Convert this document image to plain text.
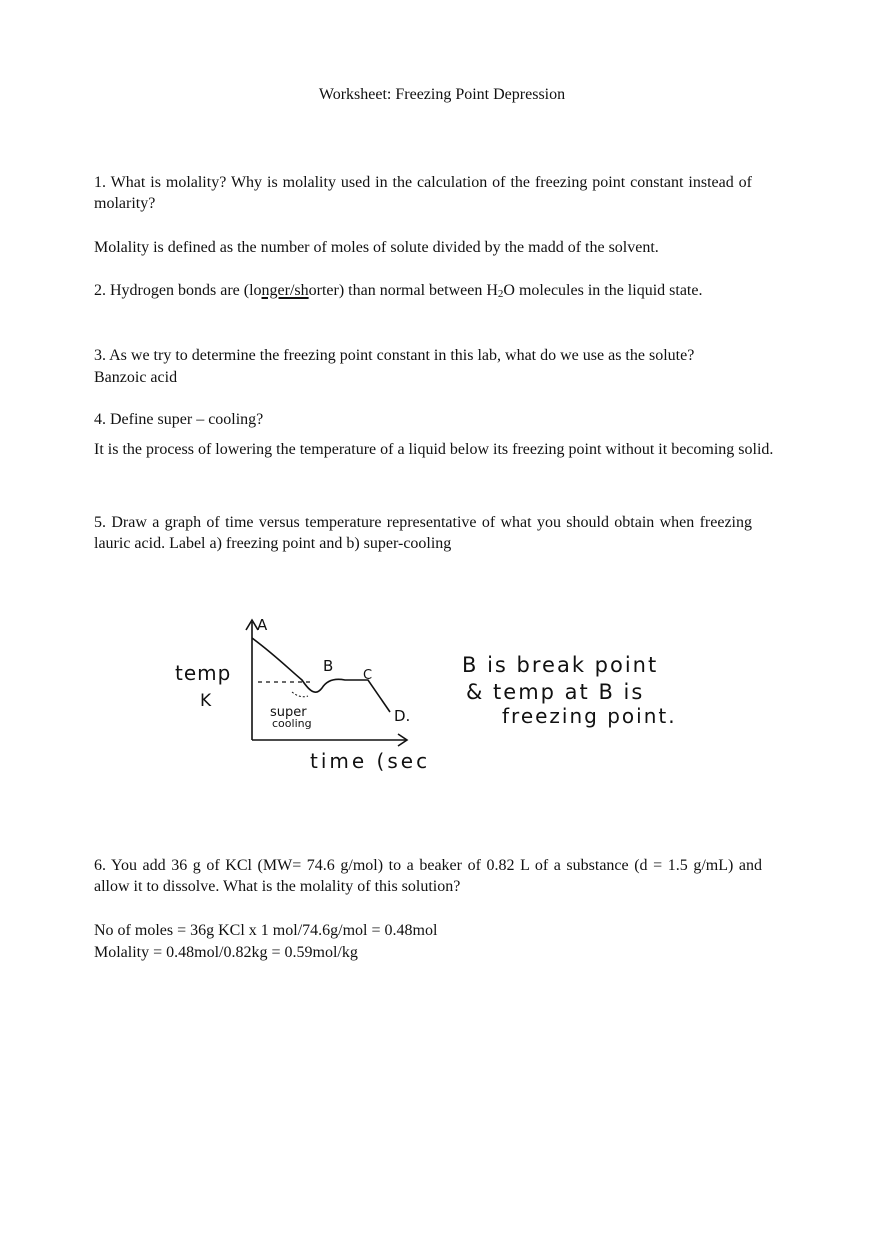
Worksheet: Freezing Point Depression
1. What is molality? Why is molality used in the calculation of the freezing point constant instead of molarity?
Molality is defined as the number of moles of solute divided by the madd of the solvent.
2. Hydrogen bonds are (longer/shorter) than normal between $H_2O$ molecules in the liquid state.
3. As we try to determine the freezing point constant in this lab, what do we use as the solute?
Banzoic acid
4. Define super – cooling?
It is the process of lowering the temperature of a liquid below its freezing point without it becoming solid.
5. Draw a graph of time versus temperature representative of what you should obtain when freezing lauric acid. Label a) freezing point and b) super-cooling
A
B
C
D.
temp
K
super
cooling
time (sec
B is break point
& temp at B is
freezing point.
6. You add 36 g of KCl (MW= 74.6 g/mol) to a beaker of 0.82 L of a substance (d = 1.5 g/mL) and allow it to dissolve. What is the molality of this solution?
No of moles = 36g KCl x 1 mol/74.6g/mol = 0.48mol
Molality = 0.48mol/0.82kg = 0.59mol/kg
